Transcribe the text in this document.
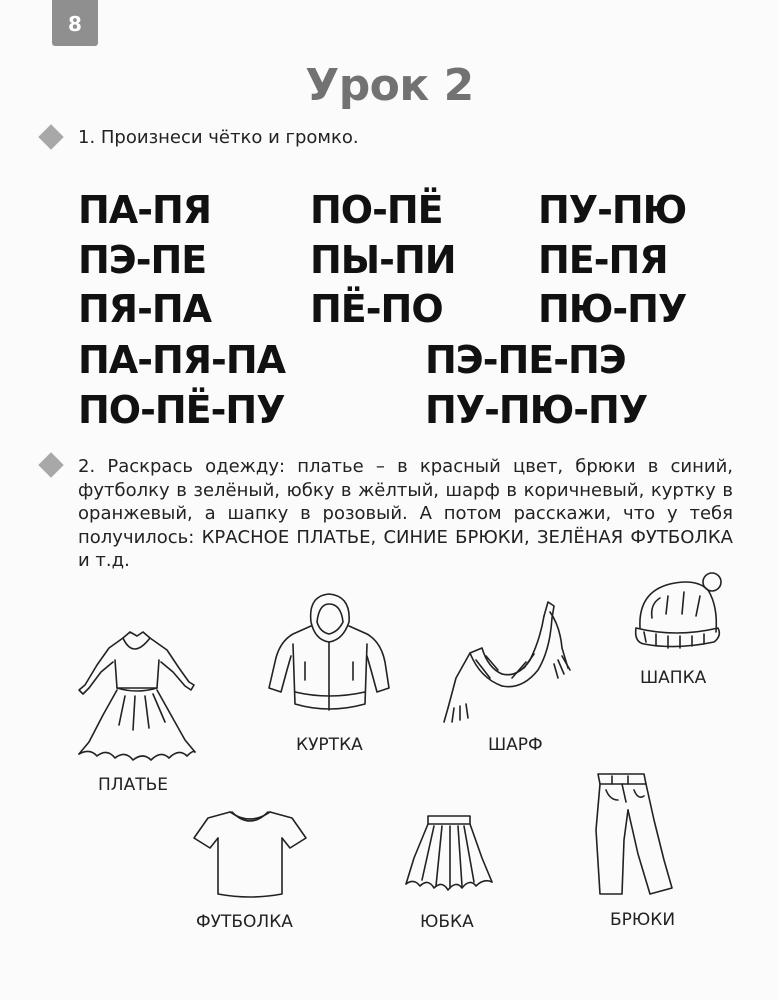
8
Урок 2
1. Произнеси чётко и громко.
ПА-ПЯ	ПО-ПЁ	ПУ-ПЮ
ПЭ-ПЕ	ПЫ-ПИ ПЕ-ПЯ
ПЯ-ПА	ПЁ-ПО	ПЮ-ПУ
ПА-ПЯ-ПА	ПЭ-ПЕ-ПЭ
ПО-ПЁ-ПУ	ПУ-ПЮ-ПУ
2. Раскрась одежду: платье – в красный цвет, брюки в синий, футболку в зелёный, юбку в жёлтый, шарф в коричневый, куртку в оранжевый, а шапку в розовый. А потом расскажи, что у тебя получилось: КРАСНОЕ ПЛАТЬЕ, СИНИЕ БРЮКИ, ЗЕЛЁНАЯ ФУТБОЛКА и т.д.
ПЛАТЬЕ
КУРТКА	ШАРФ
ШАПКА
ФУТБОЛКА	ЮБКА	БРЮКИ
